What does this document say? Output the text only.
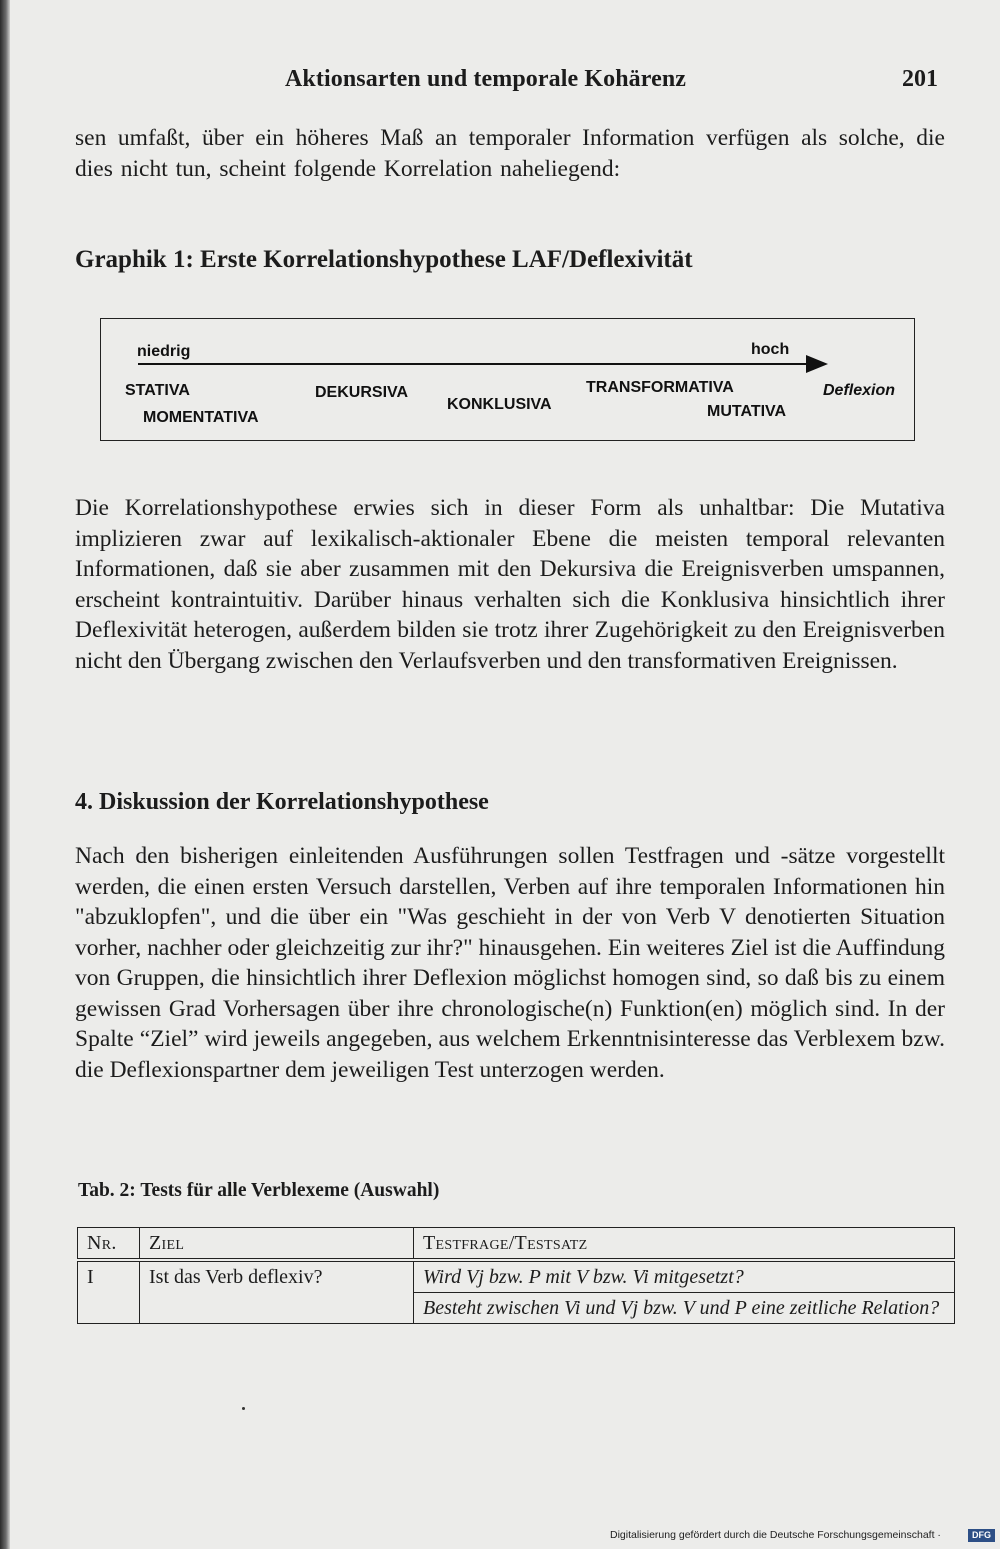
Aktionsarten und temporale Kohärenz	201

sen umfaßt, über ein höheres Maß an temporaler Information verfügen als solche, die dies nicht tun, scheint folgende Korrelation naheliegend:

Graphik 1: Erste Korrelationshypothese LAF/Deflexivität
niedrig	hoch
STATIVA
MOMENTATIVA
DEKURSIVA
KONKLUSIVA
TRANSFORMATIVA
MUTATIVA
Deflexion

Die Korrelationshypothese erwies sich in dieser Form als unhaltbar: Die Mutativa implizieren zwar auf lexikalisch-aktionaler Ebene die meisten temporal relevanten Informationen, daß sie aber zusammen mit den Dekursiva die Ereignisverben umspannen, erscheint kontraintuitiv. Darüber hinaus verhalten sich die Konklusiva hinsichtlich ihrer Deflexivität heterogen, außerdem bilden sie trotz ihrer Zugehörigkeit zu den Ereignisverben nicht den Übergang zwischen den Verlaufsverben und den transformativen Ereignissen.

4. Diskussion der Korrelationshypothese

Nach den bisherigen einleitenden Ausführungen sollen Testfragen und -sätze vorgestellt werden, die einen ersten Versuch darstellen, Verben auf ihre temporalen Informationen hin "abzuklopfen", und die über ein "Was geschieht in der von Verb V denotierten Situation vorher, nachher oder gleichzeitig zur ihr?" hinausgehen. Ein weiteres Ziel ist die Auffindung von Gruppen, die hinsichtlich ihrer Deflexion möglichst homogen sind, so daß bis zu einem gewissen Grad Vorhersagen über ihre chronologische(n) Funktion(en) möglich sind. In der Spalte “Ziel” wird jeweils angegeben, aus welchem Erkenntnisinteresse das Verblexem bzw. die Deflexionspartner dem jeweiligen Test unterzogen werden.

Tab. 2: Tests für alle Verblexeme (Auswahl)
Nr.	Ziel	Testfrage/Testsatz
I	Ist das Verb deflexiv?	Wird Vj bzw. P mit V bzw. Vi mitgesetzt?
		Besteht zwischen Vi und Vj bzw. V und P eine zeitliche Relation?
Digitalisierung gefördert durch die Deutsche Forschungsgemeinschaft ·	DFG
